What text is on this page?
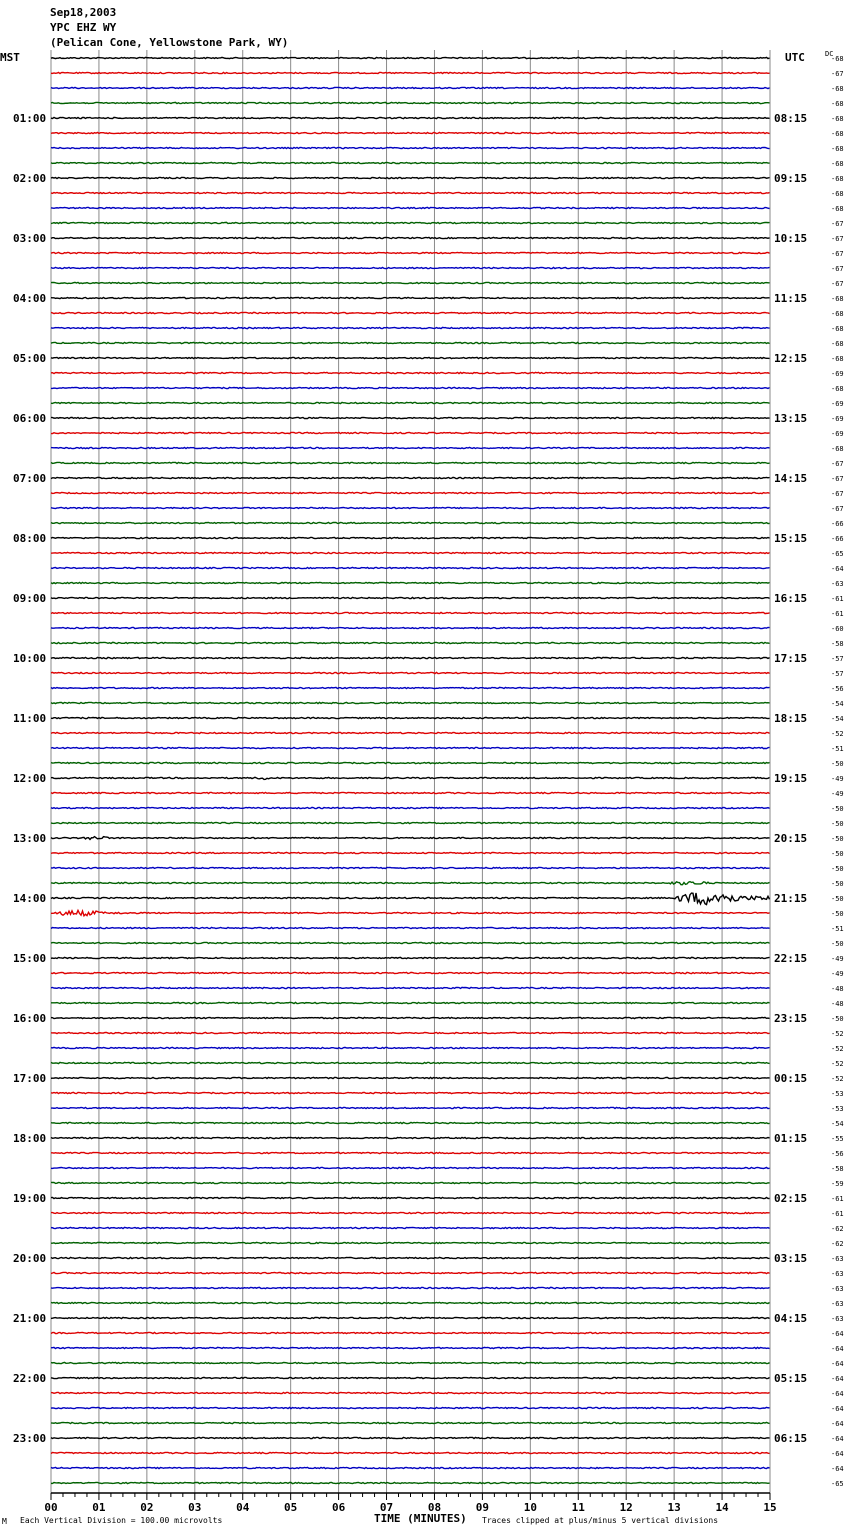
Sep18,2003
YPC EHZ WY
(Pelican Cone, Yellowstone Park, WY)
MST	UTC	DC
01:00
02:00
03:00
04:00
05:00
06:00
07:00
08:00
09:00
10:00
11:00
12:00
13:00
14:00
15:00
16:00
17:00
18:00
19:00
20:00
21:00
22:00
23:00
08:15
09:15
10:15
11:15
12:15
13:15
14:15
15:15
16:15
17:15
18:15
19:15
20:15
21:15
22:15
23:15
00:15
01:15
02:15
03:15
04:15
05:15
06:15
-68
-67
-68
-68
-68
-68
-68
-68
-68
-68
-68
-67
-67
-67
-67
-67
-68
-68
-68
-68
-68
-69
-68
-69
-69
-69
-68
-67
-67
-67
-67
-66
-66
-65
-64
-63
-61
-61
-60
-58
-57
-57
-56
-54
-54
-52
-51
-50
-49
-49
-50
-50
-50
-50
-50
-50
-50
-50
-51
-50
-49
-49
-48
-48
-50
-52
-52
-52
-52
-53
-53
-54
-55
-56
-58
-59
-61
-61
-62
-62
-63
-63
-63
-63
-63
-64
-64
-64
-64
-64
-64
-64
-64
-64
-64
-65
00	01	02	03	04	05	06	07	08	09	10	11	12	13	14	15
TIME (MINUTES)
M Each Vertical Division = 100.00 microvolts	Traces clipped at plus/minus 5 vertical divisions
